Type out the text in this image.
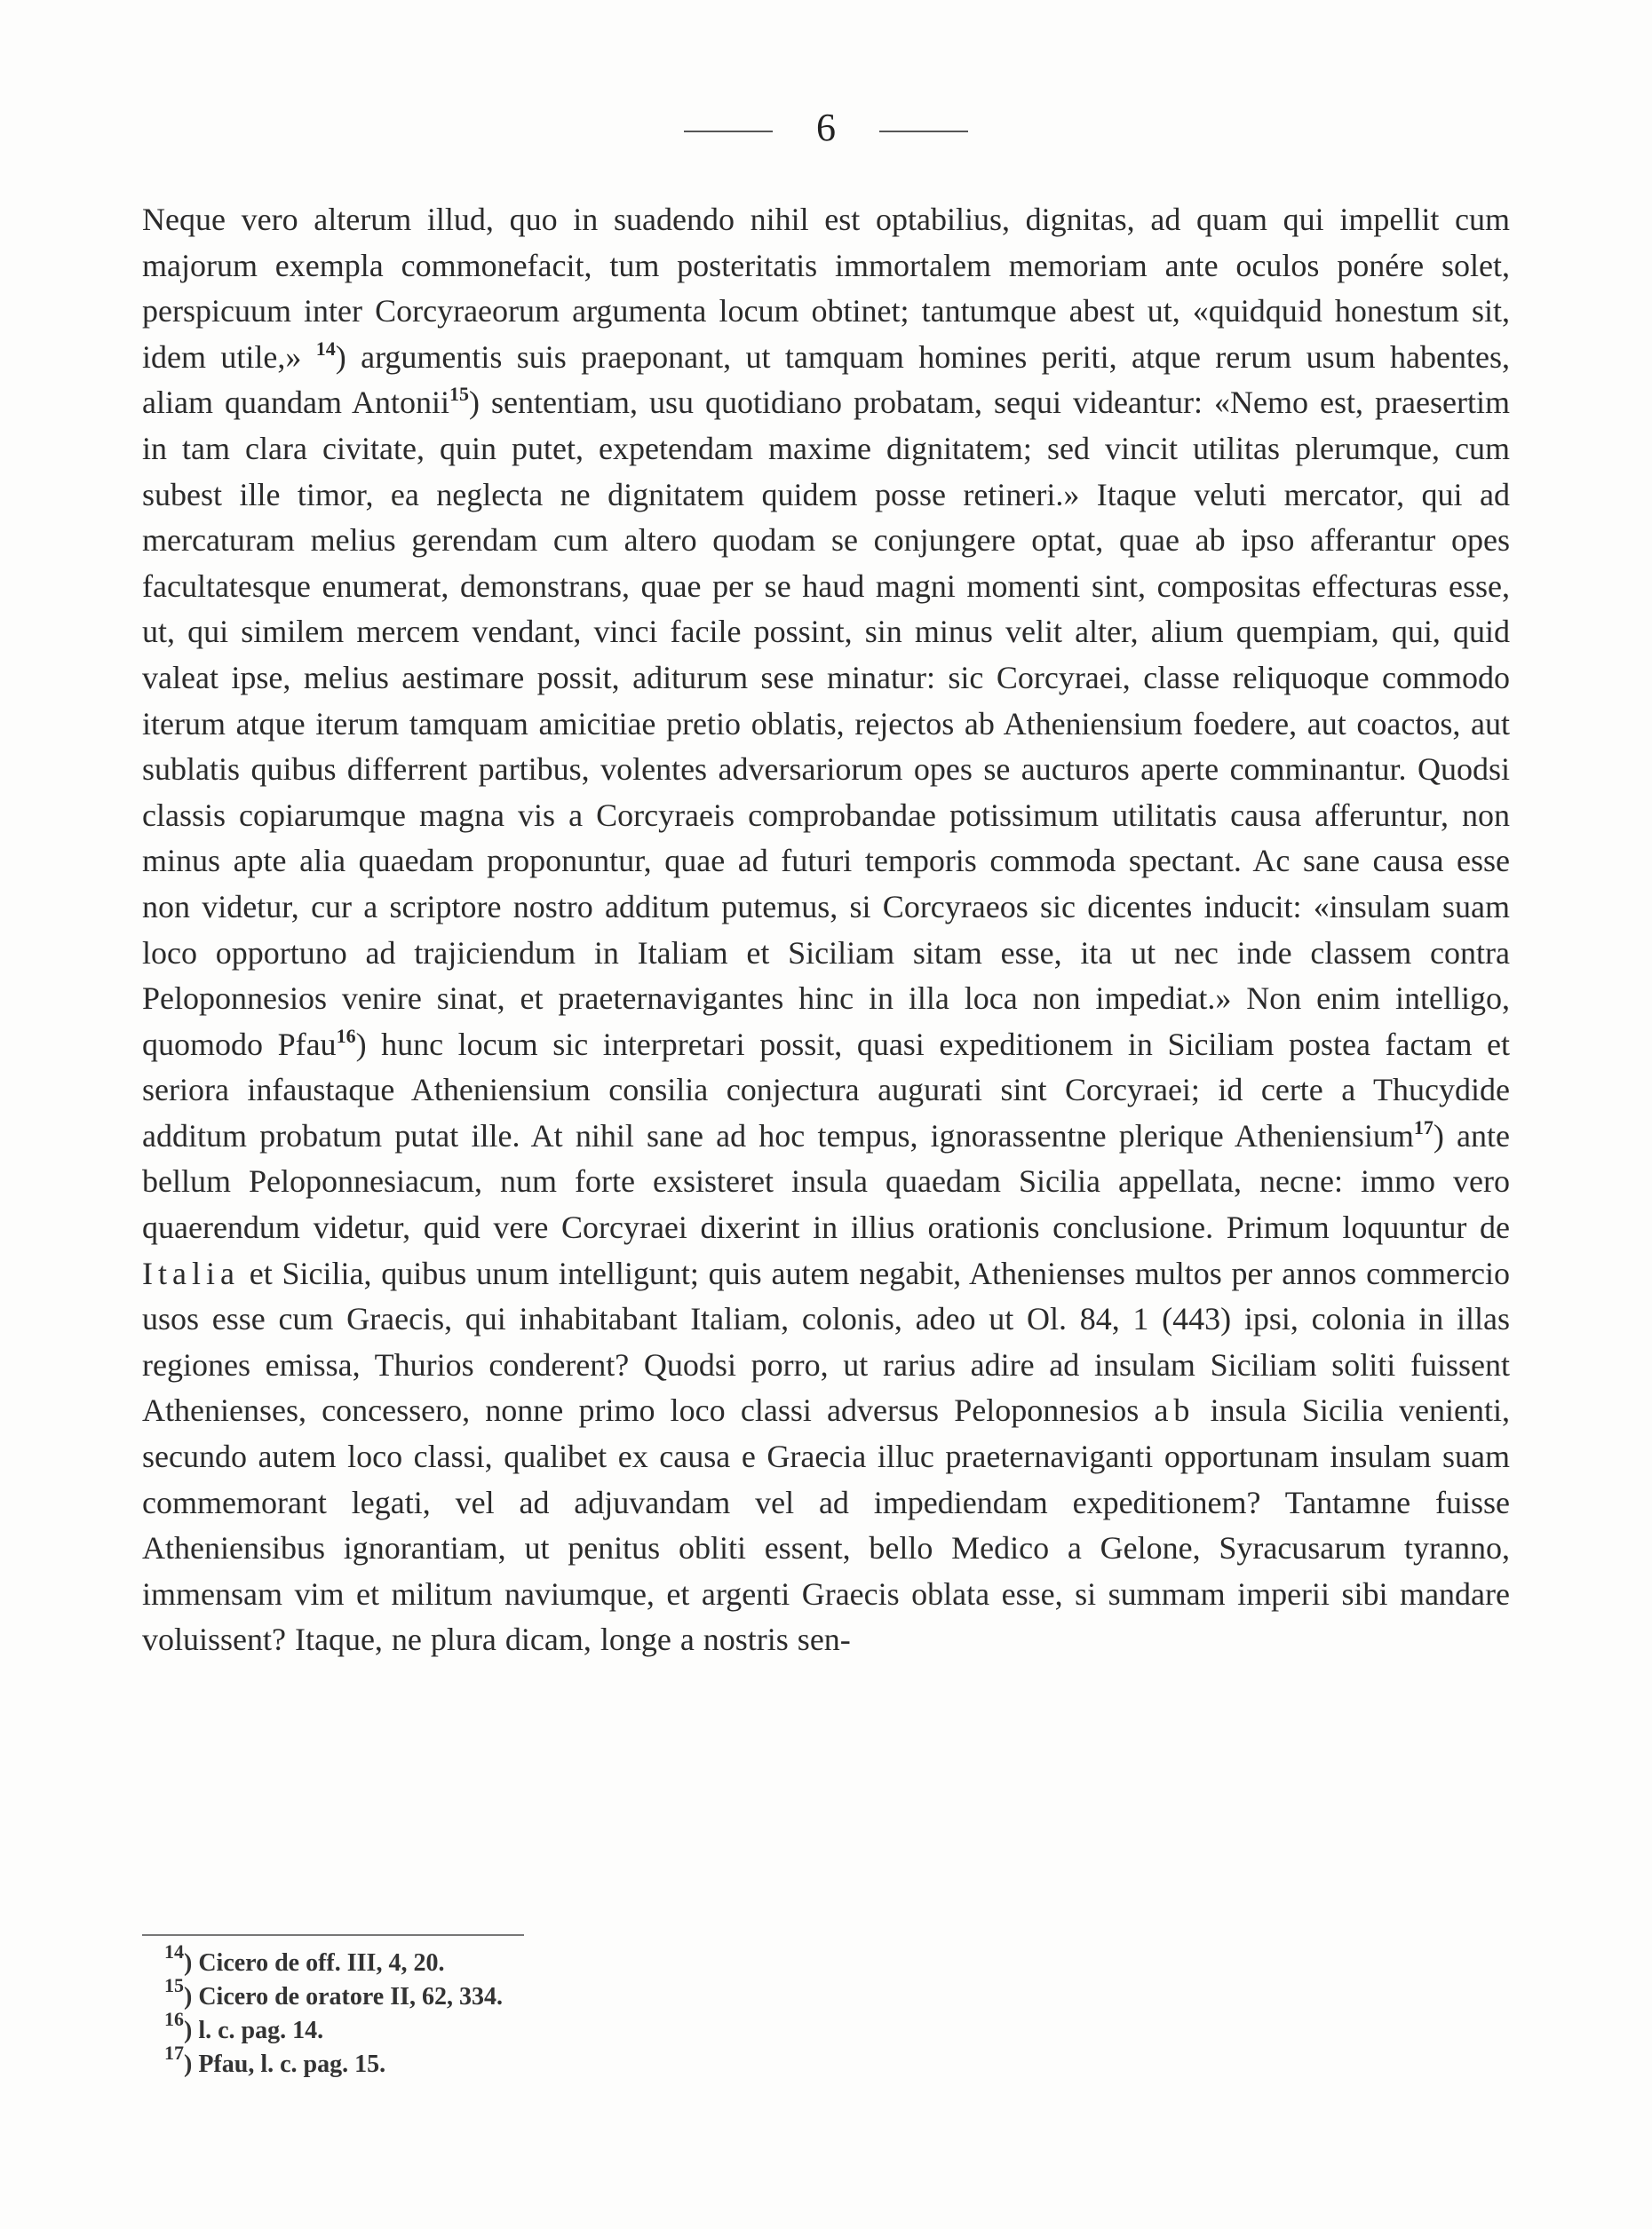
6

Neque vero alterum illud, quo in suadendo nihil est optabilius, dignitas, ad quam qui impellit cum majorum exempla commonefacit, tum posteritatis immortalem memoriam ante oculos ponére solet, perspicuum inter Corcyraeorum argumenta locum obtinet; tantumque abest ut, «quidquid honestum sit, idem utile,» $^{14}$) argumentis suis praeponant, ut tamquam homines periti, atque rerum usum habentes, aliam quandam Antonii$^{15}$) sententiam, usu quotidiano probatam, sequi videantur: «Nemo est, praesertim in tam clara civitate, quin putet, expetendam maxime dignitatem; sed vincit utilitas plerumque, cum subest ille timor, ea neglecta ne dignitatem quidem posse retineri.» Itaque veluti mercator, qui ad mercaturam melius gerendam cum altero quodam se conjungere optat, quae ab ipso afferantur opes facultatesque enumerat, demonstrans, quae per se haud magni momenti sint, compositas effecturas esse, ut, qui similem mercem vendant, vinci facile possint, sin minus velit alter, alium quempiam, qui, quid valeat ipse, melius aestimare possit, aditurum sese minatur: sic Corcyraei, classe reliquoque commodo iterum atque iterum tamquam amicitiae pretio oblatis, rejectos ab Atheniensium foedere, aut coactos, aut sublatis quibus differrent partibus, volentes adversariorum opes se aucturos aperte comminantur. Quodsi classis copiarumque magna vis a Corcyraeis comprobandae potissimum utilitatis causa afferuntur, non minus apte alia quaedam proponuntur, quae ad futuri temporis commoda spectant. Ac sane causa esse non videtur, cur a scriptore nostro additum putemus, si Corcyraeos sic dicentes inducit: «insulam suam loco opportuno ad trajiciendum in Italiam et Siciliam sitam esse, ita ut nec inde classem contra Peloponnesios venire sinat, et praeternavigantes hinc in illa loca non impediat.» Non enim intelligo, quomodo Pfau$^{16}$) hunc locum sic interpretari possit, quasi expeditionem in Siciliam postea factam et seriora infaustaque Atheniensium consilia conjectura augurati sint Corcyraei; id certe a Thucydide additum probatum putat ille. At nihil sane ad hoc tempus, ignorassentne plerique Atheniensium$^{17}$) ante bellum Peloponnesiacum, num forte exsisteret insula quaedam Sicilia appellata, necne: immo vero quaerendum videtur, quid vere Corcyraei dixerint in illius orationis conclusione. Primum loquuntur de Italia et Sicilia, quibus unum intelligunt; quis autem negabit, Athenienses multos per annos commercio usos esse cum Graecis, qui inhabitabant Italiam, colonis, adeo ut Ol. 84, 1 (443) ipsi, colonia in illas regiones emissa, Thurios conderent? Quodsi porro, ut rarius adire ad insulam Siciliam soliti fuissent Athenienses, concessero, nonne primo loco classi adversus Peloponnesios ab insula Sicilia venienti, secundo autem loco classi, qualibet ex causa e Graecia illuc praeternaviganti opportunam insulam suam commemorant legati, vel ad adjuvandam vel ad impediendam expeditionem? Tantamne fuisse Atheniensibus ignorantiam, ut penitus obliti essent, bello Medico a Gelone, Syracusarum tyranno, immensam vim et militum naviumque, et argenti Graecis oblata esse, si summam imperii sibi mandare voluissent? Itaque, ne plura dicam, longe a nostris sen-

$^{14}$) Cicero de off. III, 4, 20.
$^{15}$) Cicero de oratore II, 62, 334.
$^{16}$) l. c. pag. 14.
$^{17}$) Pfau, l. c. pag. 15.
